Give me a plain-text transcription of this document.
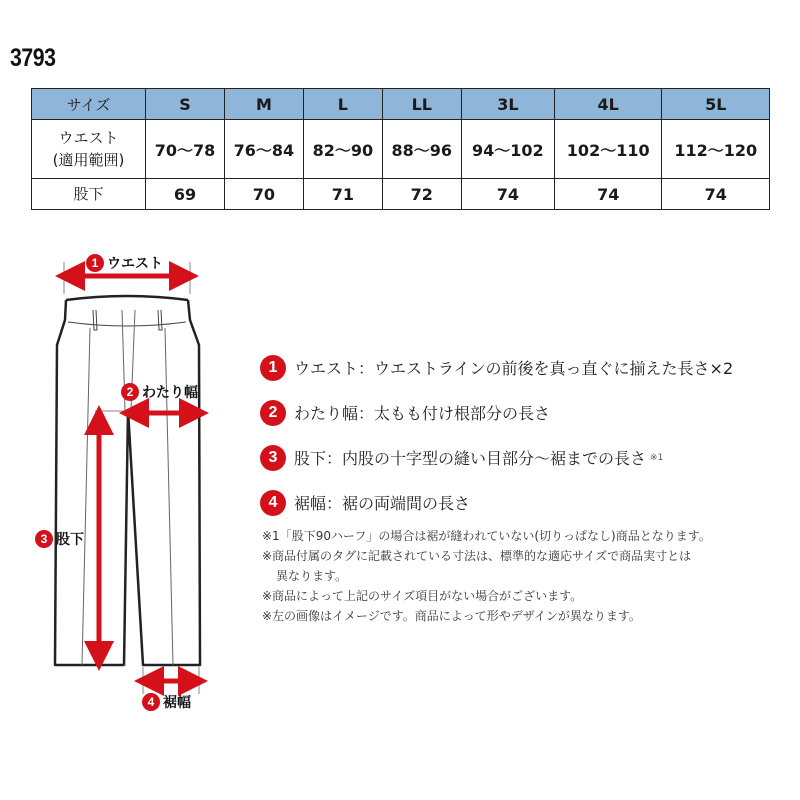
3793
サイズ	S	M	L	LL	3L	4L	5L

ウエスト
(適用範囲)	70〜78	76〜84	82〜90	88〜96	94〜102	102〜110	112〜120
股下	69	70	71	72	74	74	74
1 ウエスト
2 わたり幅
3 股下
4 裾幅
1	ウエスト ：ウエストラインの前後を真っ直ぐに揃えた長さ×2
2	わたり幅 ：太もも付け根部分の長さ
3	股下 ：内股の十字型の縫い目部分〜裾までの長さ ※1
4	裾幅 ：裾の両端間の長さ
※1「股下90ハーフ」の場合は裾が縫われていない(切りっぱなし)商品となります。
※商品付属のタグに記載されている寸法は、標準的な適応サイズで商品実寸とは
異なります。
※商品によって上記のサイズ項目がない場合がございます。
※左の画像はイメージです。商品によって形やデザインが異なります。
